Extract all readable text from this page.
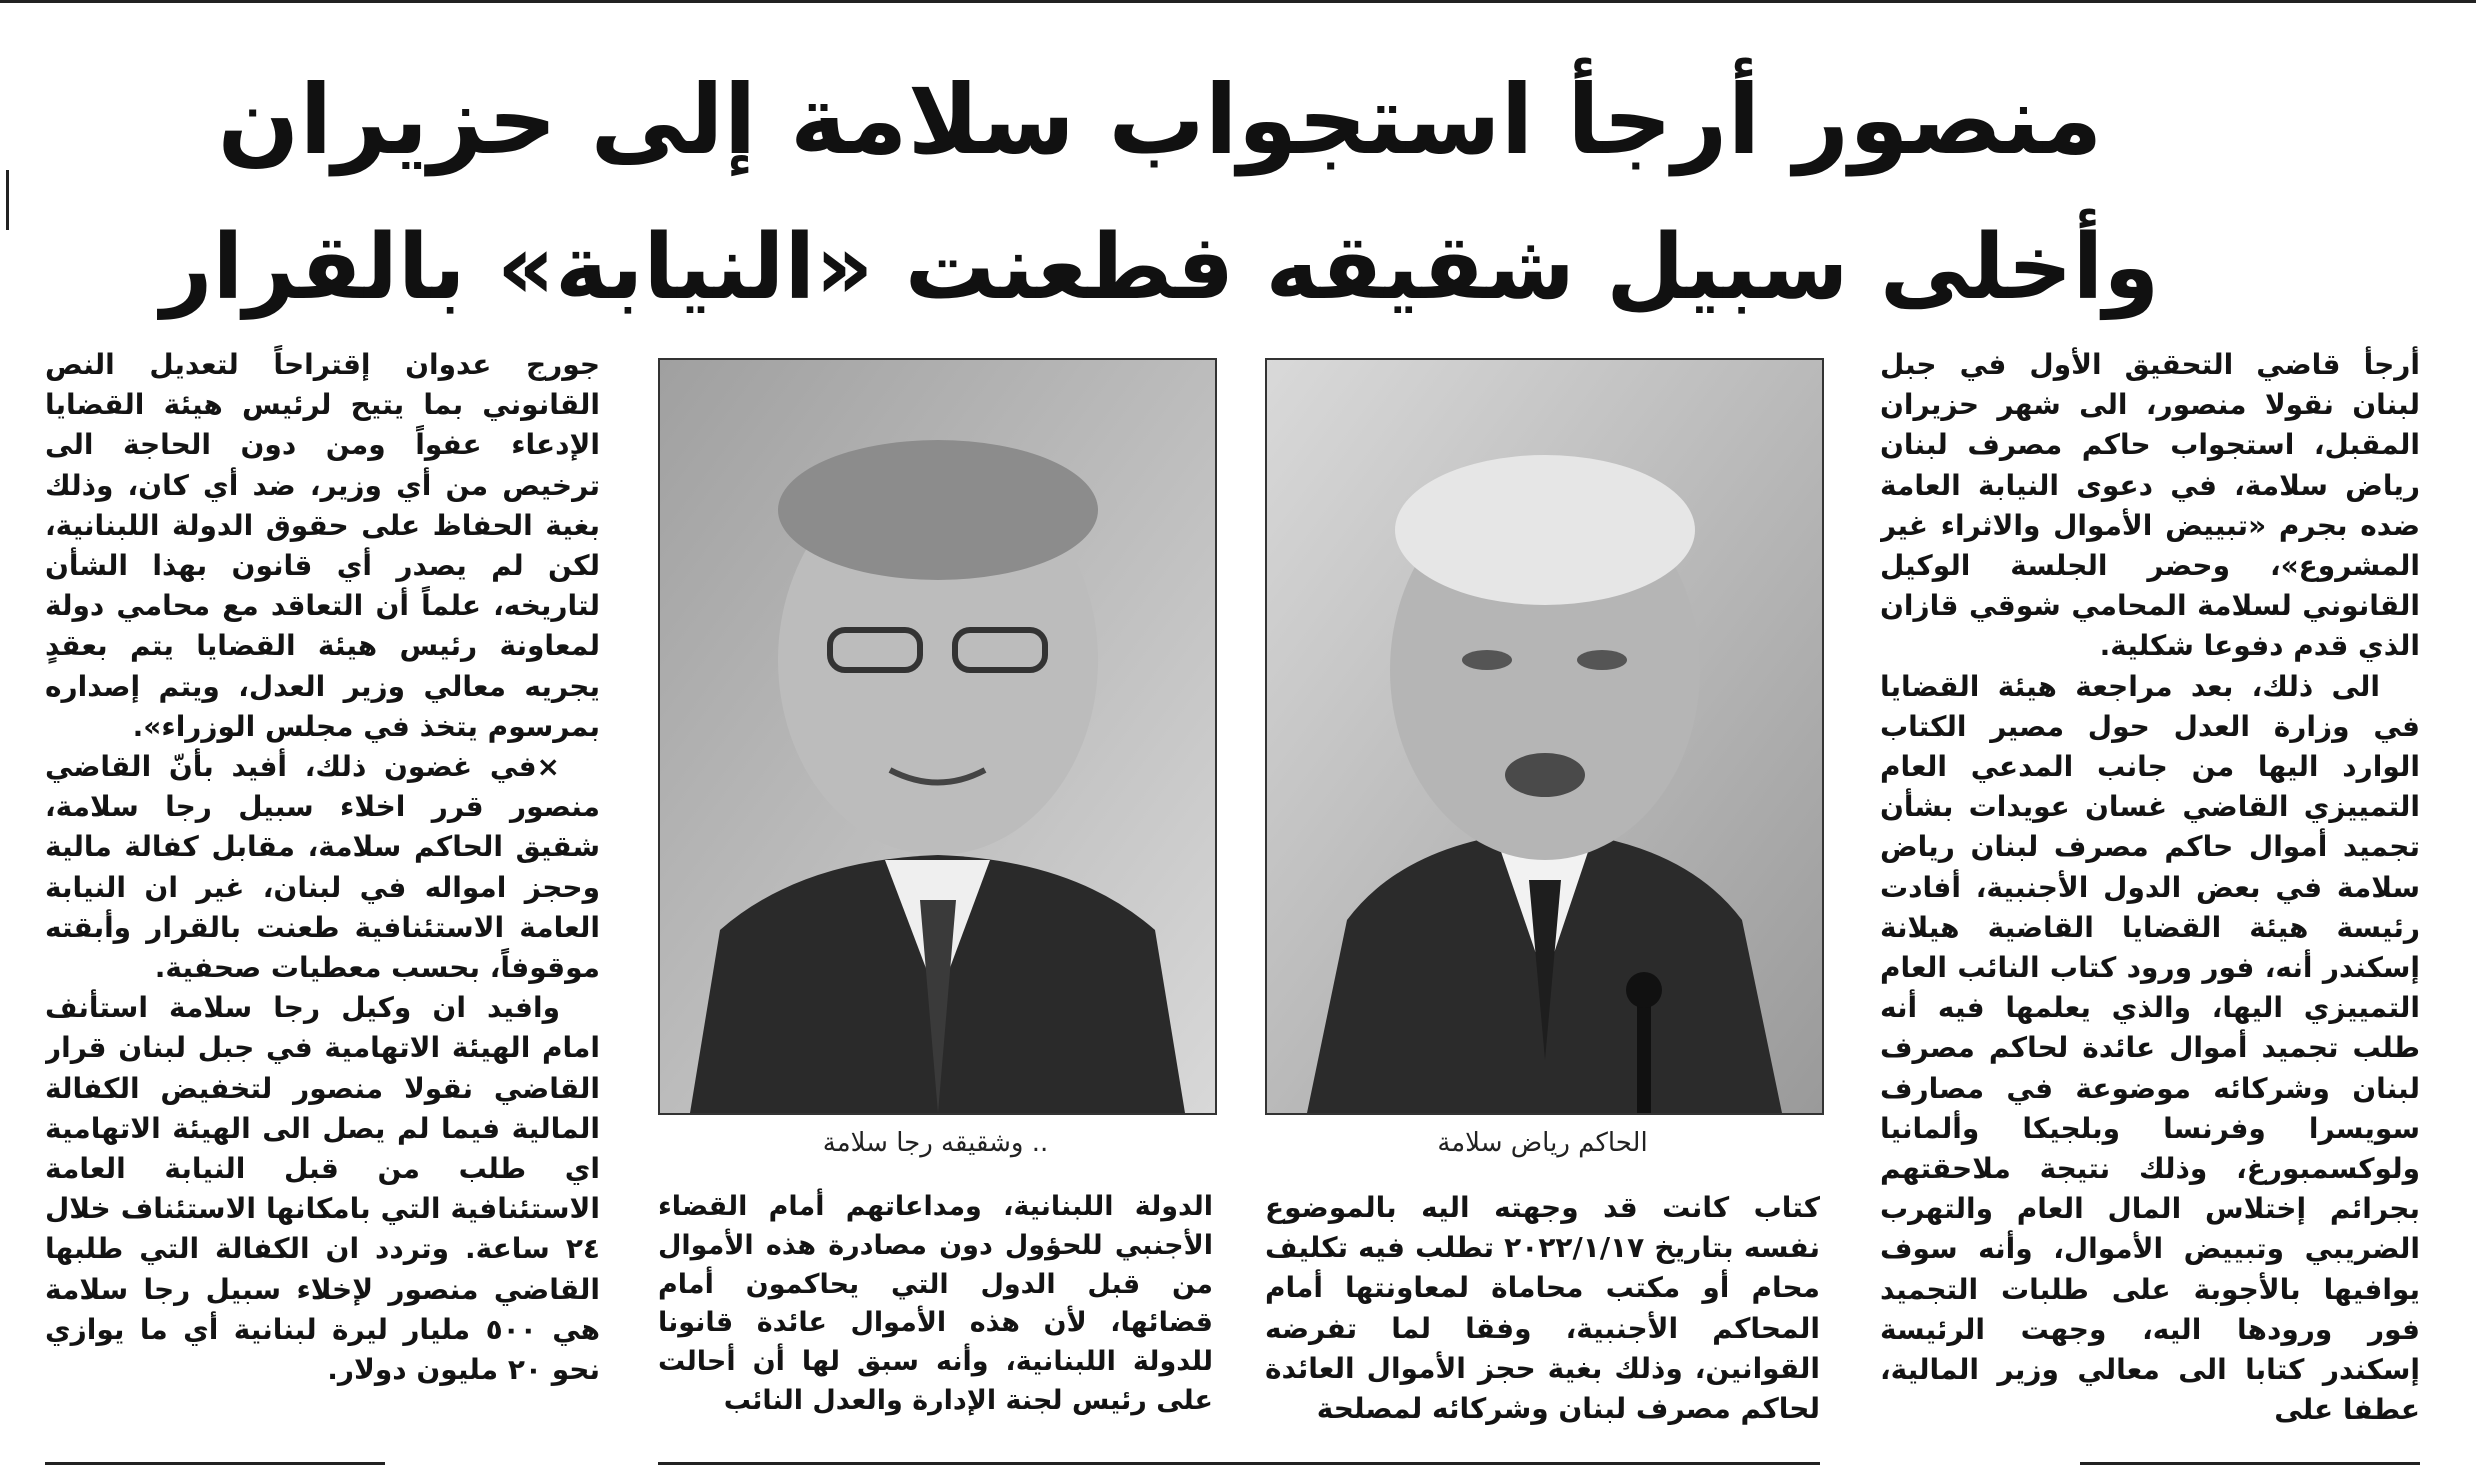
منصور أرجأ استجواب سلامة إلى حزيران
وأخلى سبيل شقيقه فطعنت «النيابة» بالقرار

أرجأ قاضي التحقيق الأول في جبل لبنان نقولا منصور، الى شهر حزيران المقبل، استجواب حاكم مصرف لبنان رياض سلامة، في دعوى النيابة العامة ضده بجرم «تبييض الأموال والاثراء غير المشروع»، وحضر الجلسة الوكيل القانوني لسلامة المحامي شوقي قازان الذي قدم دفوعا شكلية.

الى ذلك، بعد مراجعة هيئة القضايا في وزارة العدل حول مصير الكتاب الوارد اليها من جانب المدعي العام التمييزي القاضي غسان عويدات بشأن تجميد أموال حاكم مصرف لبنان رياض سلامة في بعض الدول الأجنبية، أفادت رئيسة هيئة القضايا القاضية هيلانة إسكندر أنه، فور ورود كتاب النائب العام التمييزي اليها، والذي يعلمها فيه أنه طلب تجميد أموال عائدة لحاكم مصرف لبنان وشركائه موضوعة في مصارف سويسرا وفرنسا وبلجيكا وألمانيا ولوكسمبورغ، وذلك نتيجة ملاحقتهم بجرائم إختلاس المال العام والتهرب الضريبي وتبييض الأموال، وأنه سوف يوافيها بالأجوبة على طلبات التجميد فور ورودها اليه، وجهت الرئيسة إسكندر كتابا الى معالي وزير المالية، عطفا على

الحاكم رياض سلامة
.. وشقيقه رجا سلامة

كتاب كانت قد وجهته اليه بالموضوع نفسه بتاريخ ٢٠٢٢/١/١٧ تطلب فيه تكليف محام أو مكتب محاماة لمعاونتها أمام المحاكم الأجنبية، وفقا لما تفرضه القوانين، وذلك بغية حجز الأموال العائدة لحاكم مصرف لبنان وشركائه لمصلحة

الدولة اللبنانية، ومداعاتهم أمام القضاء الأجنبي للحؤول دون مصادرة هذه الأموال من قبل الدول التي يحاكمون أمام قضائها، لأن هذه الأموال عائدة قانونا للدولة اللبنانية، وأنه سبق لها أن أحالت على رئيس لجنة الإدارة والعدل النائب

جورج عدوان إقتراحاً لتعديل النص القانوني بما يتيح لرئيس هيئة القضايا الإدعاء عفواً ومن دون الحاجة الى ترخيص من أي وزير، ضد أي كان، وذلك بغية الحفاظ على حقوق الدولة اللبنانية، لكن لم يصدر أي قانون بهذا الشأن لتاريخه، علماً أن التعاقد مع محامي دولة لمعاونة رئيس هيئة القضايا يتم بعقدٍ يجريه معالي وزير العدل، ويتم إصداره بمرسوم يتخذ في مجلس الوزراء».

×في غضون ذلك، أفيد بأنّ القاضي منصور قرر اخلاء سبيل رجا سلامة، شقيق الحاكم سلامة، مقابل كفالة مالية وحجز امواله في لبنان، غير ان النيابة العامة الاستئنافية طعنت بالقرار وأبقته موقوفاً، بحسب معطيات صحفية.

وافيد ان وكيل رجا سلامة استأنف امام الهيئة الاتهامية في جبل لبنان قرار القاضي نقولا منصور لتخفيض الكفالة المالية فيما لم يصل الى الهيئة الاتهامية اي طلب من قبل النيابة العامة الاستئنافية التي بامكانها الاستئناف خلال ٢٤ ساعة. وتردد ان الكفالة التي طلبها القاضي منصور لإخلاء سبيل رجا سلامة هي ٥٠٠ مليار ليرة لبنانية أي ما يوازي نحو ٢٠ مليون دولار.
